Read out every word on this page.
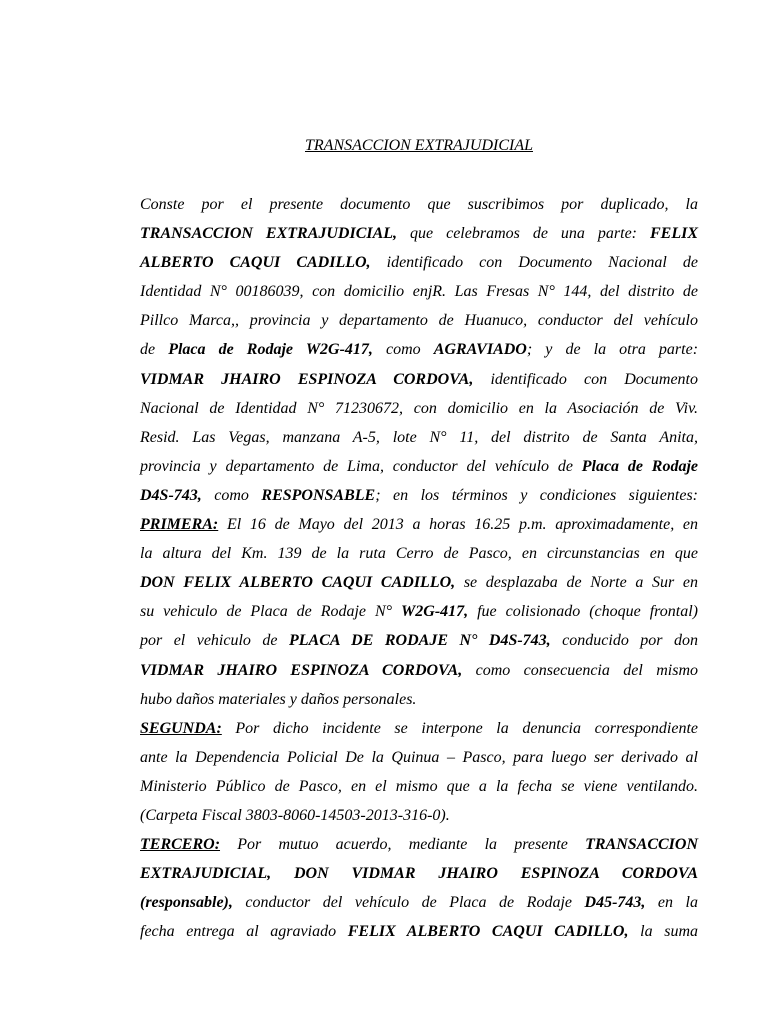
TRANSACCION EXTRAJUDICIAL
Conste por el presente documento que suscribimos por duplicado, la
TRANSACCION EXTRAJUDICIAL, que celebramos de una parte: FELIX
ALBERTO CAQUI CADILLO, identificado con Documento Nacional de
Identidad N° 00186039, con domicilio enjR. Las Fresas N° 144, del distrito de
Pillco Marca,, provincia y departamento de Huanuco, conductor del vehículo
de Placa de Rodaje W2G-417, como AGRAVIADO; y de la otra parte:
VIDMAR JHAIRO ESPINOZA CORDOVA, identificado con Documento
Nacional de Identidad N° 71230672, con domicilio en la Asociación de Viv.
Resid. Las Vegas, manzana A-5, lote N° 11, del distrito de Santa Anita,
provincia y departamento de Lima, conductor del vehículo de Placa de Rodaje
D4S-743, como RESPONSABLE; en los términos y condiciones siguientes:
PRIMERA: El 16 de Mayo del 2013 a horas 16.25 p.m. aproximadamente, en
la altura del Km. 139 de la ruta Cerro de Pasco, en circunstancias en que
DON FELIX ALBERTO CAQUI CADILLO, se desplazaba de Norte a Sur en
su vehiculo de Placa de Rodaje N° W2G-417, fue colisionado (choque frontal)
por el vehiculo de PLACA DE RODAJE N° D4S-743, conducido por don
VIDMAR JHAIRO ESPINOZA CORDOVA, como consecuencia del mismo
hubo daños materiales y daños personales.
SEGUNDA: Por dicho incidente se interpone la denuncia correspondiente
ante la Dependencia Policial De la Quinua – Pasco, para luego ser derivado al
Ministerio Público de Pasco, en el mismo que a la fecha se viene ventilando.
(Carpeta Fiscal 3803-8060-14503-2013-316-0).
TERCERO: Por mutuo acuerdo, mediante la presente TRANSACCION
EXTRAJUDICIAL, DON VIDMAR JHAIRO ESPINOZA CORDOVA
(responsable), conductor del vehículo de Placa de Rodaje D45-743, en la
fecha entrega al agraviado FELIX ALBERTO CAQUI CADILLO, la suma
